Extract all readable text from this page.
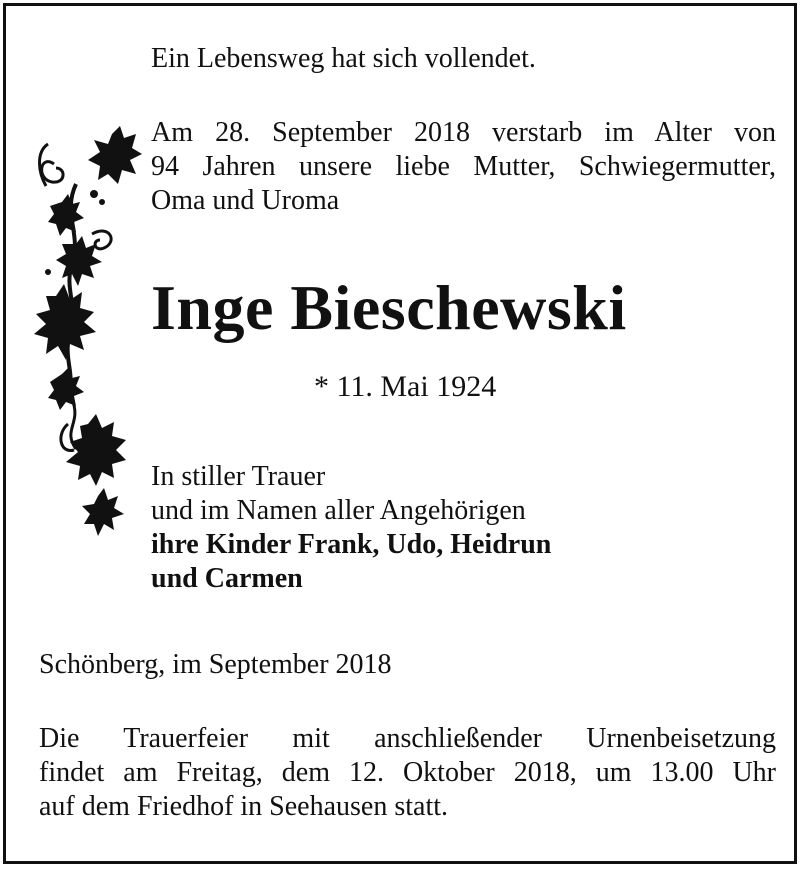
Ein Lebensweg hat sich vollendet.

Am 28. September 2018 verstarb im Alter von
94 Jahren unsere liebe Mutter, Schwiegermutter,
Oma und Uroma

Inge Bieschewski

* 11. Mai 1924

In stiller Trauer
und im Namen aller Angehörigen
ihre Kinder Frank, Udo, Heidrun
und Carmen

Schönberg, im September 2018

Die Trauerfeier mit anschließender Urnenbeisetzung
findet am Freitag, dem 12. Oktober 2018, um 13.00 Uhr
auf dem Friedhof in Seehausen statt.
